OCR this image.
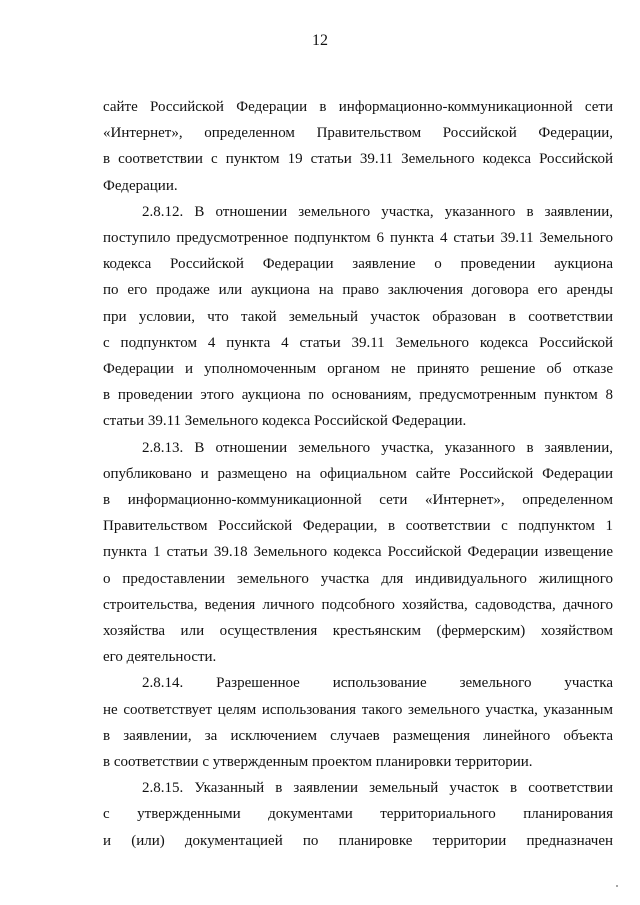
12
сайте Российской Федерации в информационно-коммуникационной сети
«Интернет», определенном Правительством Российской Федерации,
в соответствии с пунктом 19 статьи 39.11 Земельного кодекса Российской
Федерации.
2.8.12. В отношении земельного участка, указанного в заявлении,
поступило предусмотренное подпунктом 6 пункта 4 статьи 39.11 Земельного
кодекса Российской Федерации заявление о проведении аукциона
по его продаже или аукциона на право заключения договора его аренды
при условии, что такой земельный участок образован в соответствии
с подпунктом 4 пункта 4 статьи 39.11 Земельного кодекса Российской
Федерации и уполномоченным органом не принято решение об отказе
в проведении этого аукциона по основаниям, предусмотренным пунктом 8
статьи 39.11 Земельного кодекса Российской Федерации.
2.8.13. В отношении земельного участка, указанного в заявлении,
опубликовано и размещено на официальном сайте Российской Федерации
в информационно-коммуникационной сети «Интернет», определенном
Правительством Российской Федерации, в соответствии с подпунктом 1
пункта 1 статьи 39.18 Земельного кодекса Российской Федерации извещение
о предоставлении земельного участка для индивидуального жилищного
строительства, ведения личного подсобного хозяйства, садоводства, дачного
хозяйства или осуществления крестьянским (фермерским) хозяйством
его деятельности.
2.8.14. Разрешенное использование земельного участка
не соответствует целям использования такого земельного участка, указанным
в заявлении, за исключением случаев размещения линейного объекта
в соответствии с утвержденным проектом планировки территории.
2.8.15. Указанный в заявлении земельный участок в соответствии
с утвержденными документами территориального планирования
и (или) документацией по планировке территории предназначен
